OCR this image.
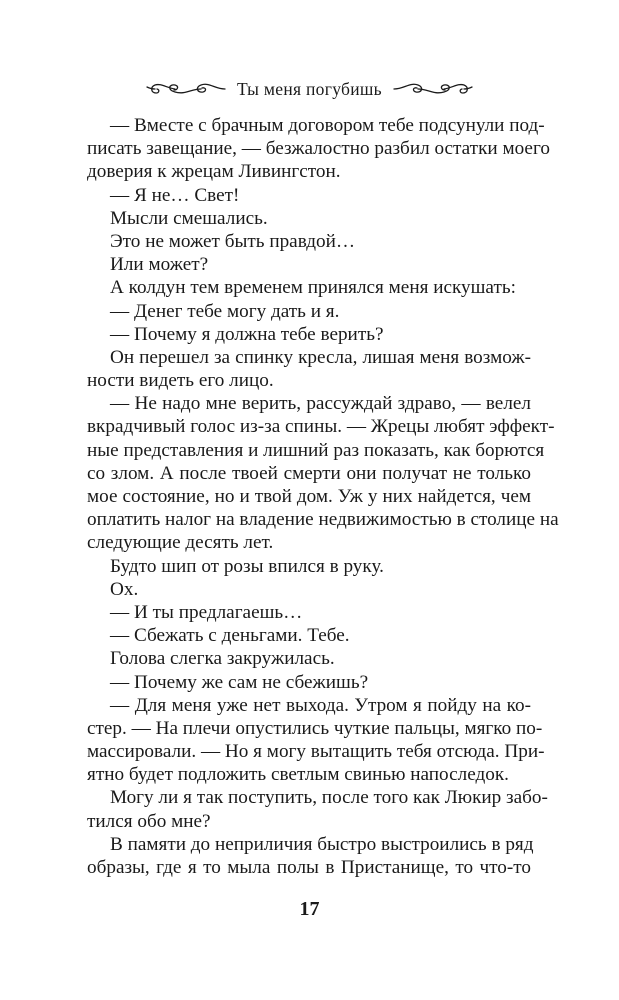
Ты меня погубишь
— Вместе с брачным договором тебе подсунули под-
писать завещание, — безжалостно разбил остатки моего
доверия к жрецам Ливингстон.
— Я не… Свет!
Мысли смешались.
Это не может быть правдой…
Или может?
А колдун тем временем принялся меня искушать:
— Денег тебе могу дать и я.
— Почему я должна тебе верить?
Он перешел за спинку кресла, лишая меня возмож-
ности видеть его лицо.
— Не надо мне верить, рассуждай здраво, — велел
вкрадчивый голос из-за спины. — Жрецы любят эффект-
ные представления и лишний раз показать, как борются
со злом. А после твоей смерти они получат не только
мое состояние, но и твой дом. Уж у них найдется, чем
оплатить налог на владение недвижимостью в столице на
следующие десять лет.
Будто шип от розы впился в руку.
Ох.
— И ты предлагаешь…
— Сбежать с деньгами. Тебе.
Голова слегка закружилась.
— Почему же сам не сбежишь?
— Для меня уже нет выхода. Утром я пойду на ко-
стер. — На плечи опустились чуткие пальцы, мягко по-
массировали. — Но я могу вытащить тебя отсюда. При-
ятно будет подложить светлым свинью напоследок.
Могу ли я так поступить, после того как Люкир забо-
тился обо мне?
В памяти до неприличия быстро выстроились в ряд
образы, где я то мыла полы в Пристанище, то что-то
17
